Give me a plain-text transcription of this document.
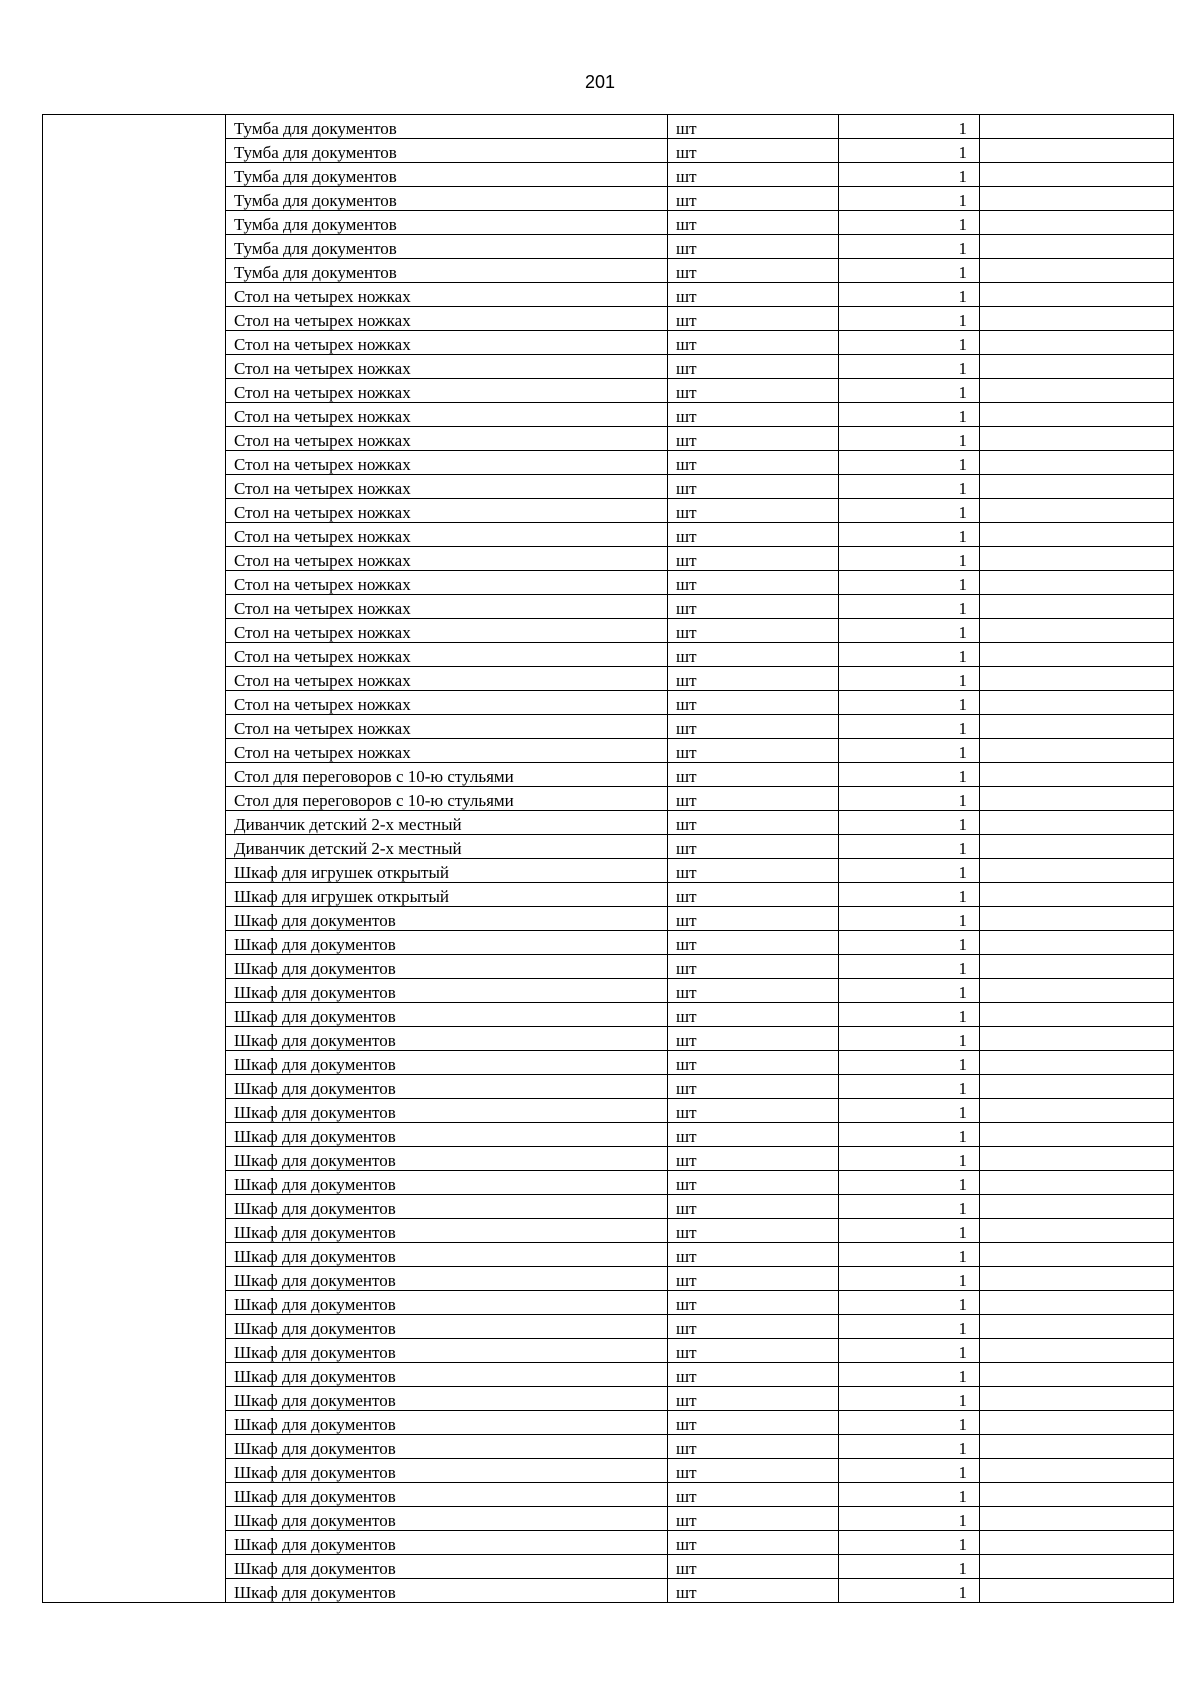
201
	Тумба для документов	шт	1	
	Тумба для документов	шт	1	
	Тумба для документов	шт	1	
	Тумба для документов	шт	1	
	Тумба для документов	шт	1	
	Тумба для документов	шт	1	
	Тумба для документов	шт	1	
	Стол на четырех ножках	шт	1	
	Стол на четырех ножках	шт	1	
	Стол на четырех ножках	шт	1	
	Стол на четырех ножках	шт	1	
	Стол на четырех ножках	шт	1	
	Стол на четырех ножках	шт	1	
	Стол на четырех ножках	шт	1	
	Стол на четырех ножках	шт	1	
	Стол на четырех ножках	шт	1	
	Стол на четырех ножках	шт	1	
	Стол на четырех ножках	шт	1	
	Стол на четырех ножках	шт	1	
	Стол на четырех ножках	шт	1	
	Стол на четырех ножках	шт	1	
	Стол на четырех ножках	шт	1	
	Стол на четырех ножках	шт	1	
	Стол на четырех ножках	шт	1	
	Стол на четырех ножках	шт	1	
	Стол на четырех ножках	шт	1	
	Стол на четырех ножках	шт	1	
	Стол для переговоров с 10-ю стульями	шт	1	
	Стол для переговоров с 10-ю стульями	шт	1	
	Диванчик детский 2-х местный	шт	1	
	Диванчик детский 2-х местный	шт	1	
	Шкаф для игрушек открытый	шт	1	
	Шкаф для игрушек открытый	шт	1	
	Шкаф для документов	шт	1	
	Шкаф для документов	шт	1	
	Шкаф для документов	шт	1	
	Шкаф для документов	шт	1	
	Шкаф для документов	шт	1	
	Шкаф для документов	шт	1	
	Шкаф для документов	шт	1	
	Шкаф для документов	шт	1	
	Шкаф для документов	шт	1	
	Шкаф для документов	шт	1	
	Шкаф для документов	шт	1	
	Шкаф для документов	шт	1	
	Шкаф для документов	шт	1	
	Шкаф для документов	шт	1	
	Шкаф для документов	шт	1	
	Шкаф для документов	шт	1	
	Шкаф для документов	шт	1	
	Шкаф для документов	шт	1	
	Шкаф для документов	шт	1	
	Шкаф для документов	шт	1	
	Шкаф для документов	шт	1	
	Шкаф для документов	шт	1	
	Шкаф для документов	шт	1	
	Шкаф для документов	шт	1	
	Шкаф для документов	шт	1	
	Шкаф для документов	шт	1	
	Шкаф для документов	шт	1	
	Шкаф для документов	шт	1	
	Шкаф для документов	шт	1	
